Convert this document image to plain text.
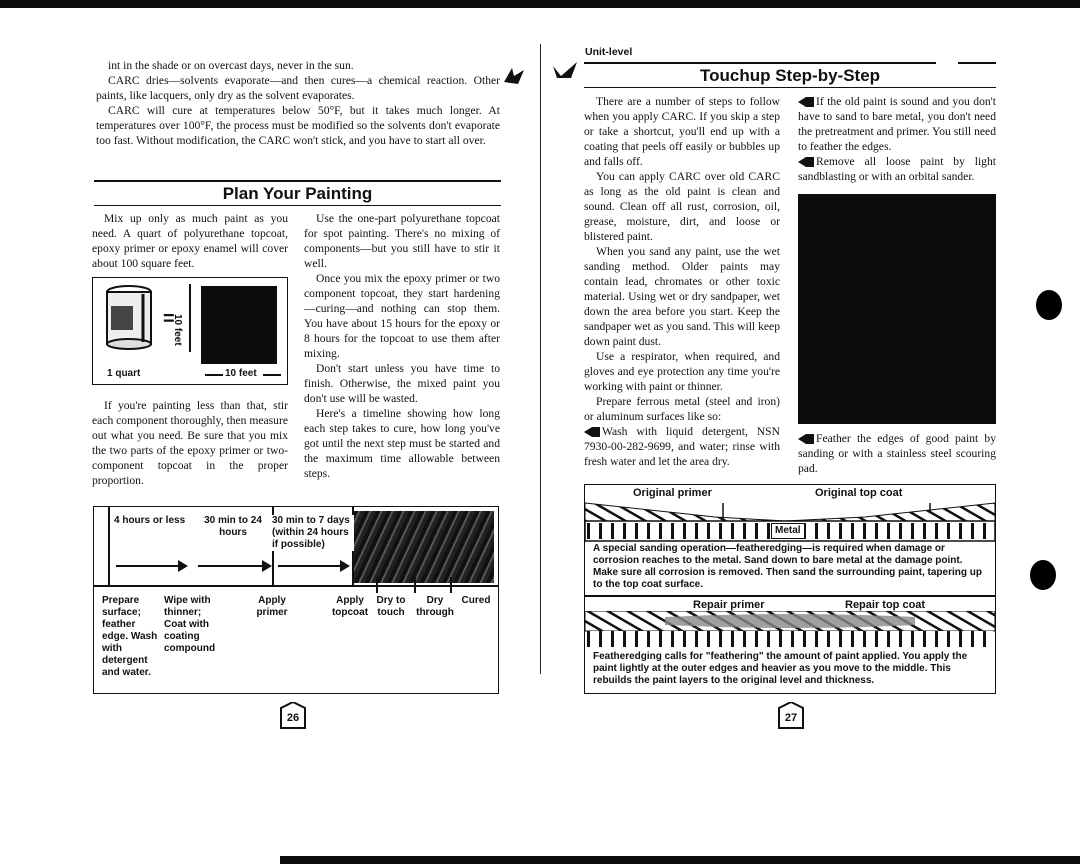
int in the shade or on overcast days, never in the sun.
CARC dries—solvents evaporate—and then cures—a chemical reaction. Other paints, like lacquers, only dry as the solvent evaporates.
CARC will cure at temperatures below 50°F, but it takes much longer. At temperatures over 100°F, the process must be modified so the solvents don't evaporate too fast. Without modification, the CARC won't stick, and you have to start all over.
Plan Your Painting
Mix up only as much paint as you need. A quart of polyurethane topcoat, epoxy primer or epoxy enamel will cover about 100 square feet.
=
10 feet
1 quart	10 feet
If you're painting less than that, stir each component thoroughly, then measure out what you need. Be sure that you mix the two parts of the epoxy primer or two-component topcoat in the proper proportion.
Use the one-part polyurethane topcoat for spot painting. There's no mixing of components—but you still have to stir it well.
Once you mix the epoxy primer or two component topcoat, they start hardening—curing—and nothing can stop them. You have about 15 hours for the epoxy or 8 hours for the topcoat to use them after mixing.
Don't start unless you have time to finish. Otherwise, the mixed paint you don't use will be wasted.
Here's a timeline showing how long each step takes to cure, how long you've got until the next step must be started and the maximum time allowable between steps.
4 hours or less	30 min to 24 hours
30 min to 7 days (within 24 hours if possible)
Prepare surface; feather edge. Wash with detergent and water.
Wipe with thinner; Coat with coating compound
Apply primer
Apply topcoat
Dry to touch
Dry through
Cured
26
Unit-level
Touchup Step-by-Step
There are a number of steps to follow when you apply CARC. If you skip a step or take a shortcut, you'll end up with a coating that peels off easily or bubbles up and falls off.
You can apply CARC over old CARC as long as the old paint is clean and sound. Clean off all rust, corrosion, oil, grease, moisture, dirt, and loose or blistered paint.
When you sand any paint, use the wet sanding method. Older paints may contain lead, chromates or other toxic material. Using wet or dry sandpaper, wet down the area before you start. Keep the sandpaper wet as you sand. This will keep down paint dust.
Use a respirator, when required, and gloves and eye protection any time you're working with paint or thinner.
Prepare ferrous metal (steel and iron) or aluminum surfaces like so:
Wash with liquid detergent, NSN 7930-00-282-9699, and water; rinse with fresh water and let the area dry.
If the old paint is sound and you don't have to sand to bare metal, you don't need the pretreatment and primer. You still need to feather the edges.
Remove all loose paint by light sandblasting or with an orbital sander.
Feather the edges of good paint by sanding or with a stainless steel scouring pad.
Original primer	Original top coat
Metal
A special sanding operation—featheredging—is required when damage or corrosion reaches to the metal. Sand down to bare metal at the damage point. Make sure all corrosion is removed. Then sand the surrounding paint, tapering up to the top coat surface.
Repair primer	Repair top coat
Featheredging calls for "feathering" the amount of paint applied. You apply the paint lightly at the outer edges and heavier as you move to the middle. This rebuilds the paint layers to the original level and thickness.
27
